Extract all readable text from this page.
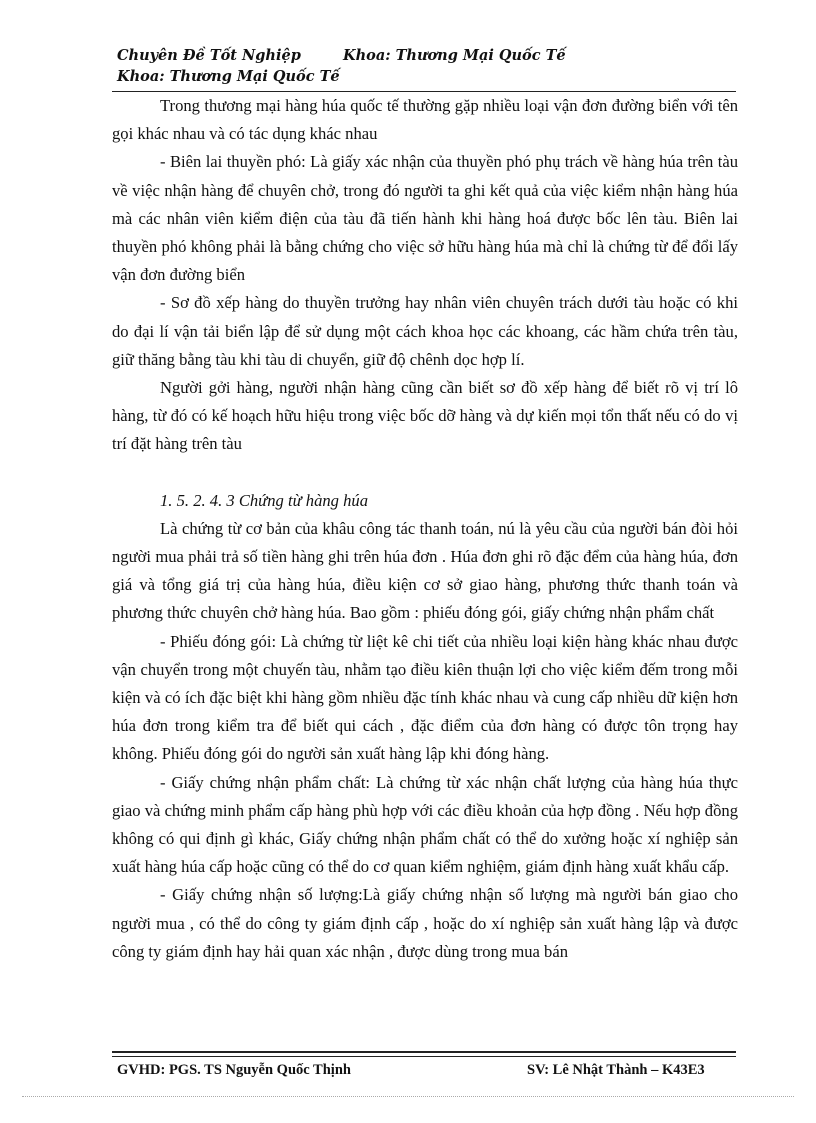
Chuyên Đề Tốt Nghiệp	Khoa: Thương Mại Quốc Tế
Khoa: Thương Mại Quốc Tế

Trong thương mại hàng húa quốc tế thường gặp nhiều loại vận đơn đường biển với tên gọi khác nhau và có tác dụng khác nhau

- Biên lai thuyền phó: Là giấy xác nhận của thuyền phó phụ trách về hàng húa trên tàu về việc nhận hàng để chuyên chở, trong đó người ta ghi kết quả của việc kiểm nhận hàng húa mà các nhân viên kiểm điện của tàu đã tiến hành khi hàng hoá được bốc lên tàu. Biên lai thuyền phó không phải là bằng chứng cho việc sở hữu hàng húa mà chỉ là chứng từ để đổi lấy vận đơn đường biển

- Sơ đồ xếp hàng do thuyền trưởng hay nhân viên chuyên trách dưới tàu hoặc có khi do đại lí vận tải biển lập để sử dụng một cách khoa học các khoang, các hầm chứa trên tàu, giữ thăng bằng tàu khi tàu di chuyển, giữ độ chênh dọc hợp lí.

Người gởi hàng, người nhận hàng cũng cần biết sơ đồ xếp hàng để biết rõ vị trí lô hàng, từ đó có kế hoạch hữu hiệu trong việc bốc dỡ hàng và dự kiến mọi tổn thất nếu có do vị trí đặt hàng trên tàu

1. 5. 2. 4. 3 Chứng từ hàng húa

Là chứng từ cơ bản của khâu công tác thanh toán, nú là yêu cầu của người bán đòi hỏi người mua phải trả số tiền hàng ghi trên húa đơn . Húa đơn ghi rõ đặc đểm của hàng húa, đơn giá và tổng giá trị của hàng húa, điều kiện cơ sở giao hàng, phương thức thanh toán và phương thức chuyên chở hàng húa. Bao gồm : phiếu đóng gói, giấy chứng nhận phẩm chất

- Phiếu đóng gói: Là chứng từ liệt kê chi tiết của nhiều loại kiện hàng khác nhau được vận chuyển trong một chuyến tàu, nhằm tạo điều kiên thuận lợi cho việc kiểm đếm trong mỗi kiện và có ích đặc biệt khi hàng gồm nhiều đặc tính khác nhau và cung cấp nhiều dữ kiện hơn húa đơn trong kiểm tra để biết qui cách , đặc điểm của đơn hàng có được tôn trọng hay không. Phiếu đóng gói do người sản xuất hàng lập khi đóng hàng.

- Giấy chứng nhận phẩm chất: Là chứng từ xác nhận chất lượng của hàng húa thực giao và chứng minh phẩm cấp hàng phù hợp với các điều khoản của hợp đồng . Nếu hợp đồng không có qui định gì khác, Giấy chứng nhận phẩm chất có thể do xưởng hoặc xí nghiệp sản xuất hàng húa cấp hoặc cũng có thể do cơ quan kiểm nghiệm, giám định hàng xuất khẩu cấp.

- Giấy chứng nhận số lượng:Là giấy chứng nhận số lượng mà người bán giao cho người mua , có thể do công ty giám định cấp , hoặc do xí nghiệp sản xuất hàng lập và được công ty giám định hay hải quan xác nhận , được dùng trong mua bán

GVHD: PGS. TS Nguyễn Quốc Thịnh	SV: Lê Nhật Thành – K43E3
